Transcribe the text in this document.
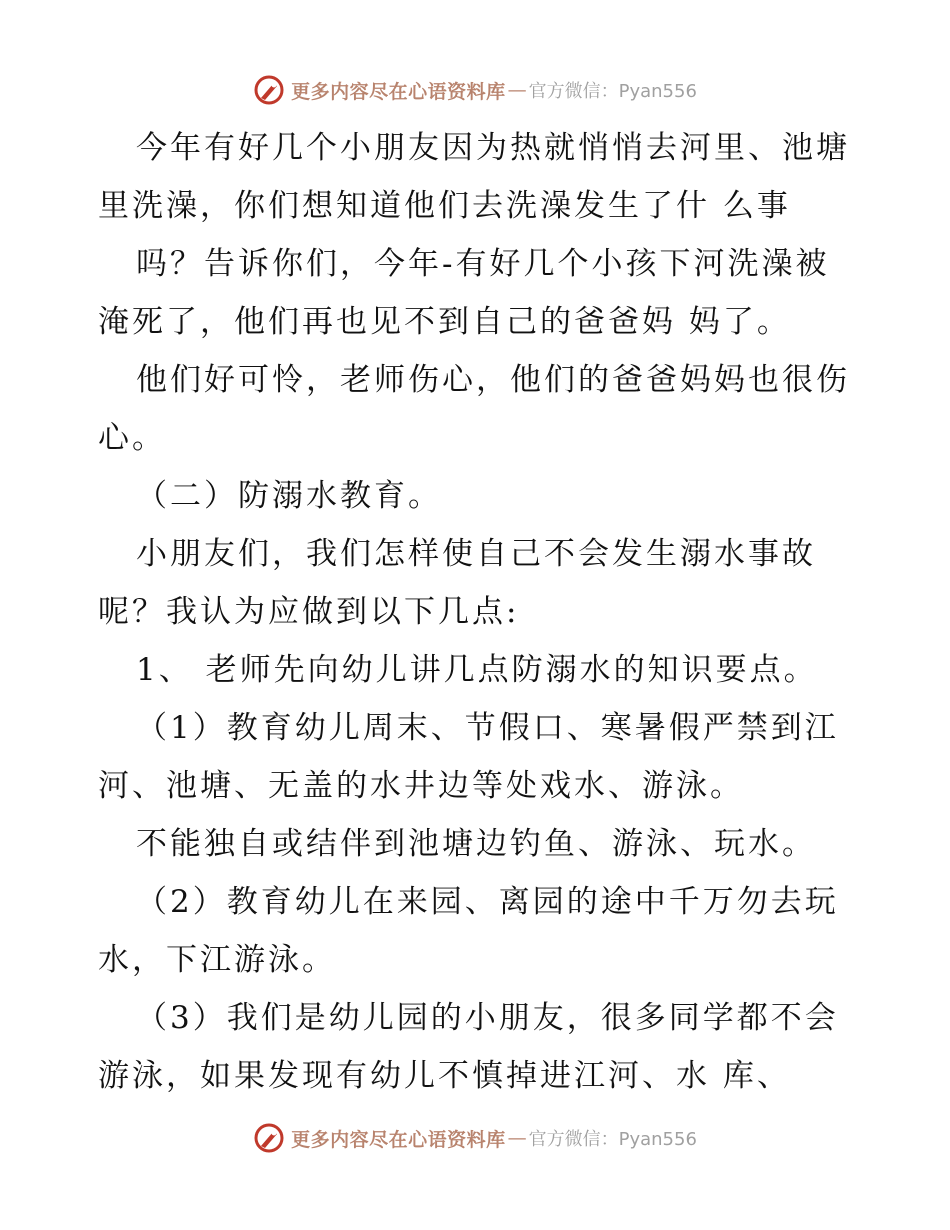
更多内容尽在心语资料库 — 官方微信：Pyan556

今年有好几个小朋友因为热就悄悄去河里、池塘

里洗澡，你们想知道他们去洗澡发生了什 么事

吗？告诉你们，今年-有好几个小孩下河洗澡被

淹死了，他们再也见不到自己的爸爸妈 妈了。

他们好可怜，老师伤心，他们的爸爸妈妈也很伤

心。

（二）防溺水教育。

小朋友们，我们怎样使自己不会发生溺水事故

呢？我认为应做到以下几点:

1、 老师先向幼儿讲几点防溺水的知识要点。

（1）教育幼儿周末、节假口、寒暑假严禁到江

河、池塘、无盖的水井边等处戏水、游泳。

不能独自或结伴到池塘边钓鱼、游泳、玩水。

（2）教育幼儿在来园、离园的途中千万勿去玩

水，下江游泳。

（3）我们是幼儿园的小朋友，很多同学都不会

游泳，如果发现有幼儿不慎掉进江河、水 库、

更多内容尽在心语资料库 — 官方微信：Pyan556
